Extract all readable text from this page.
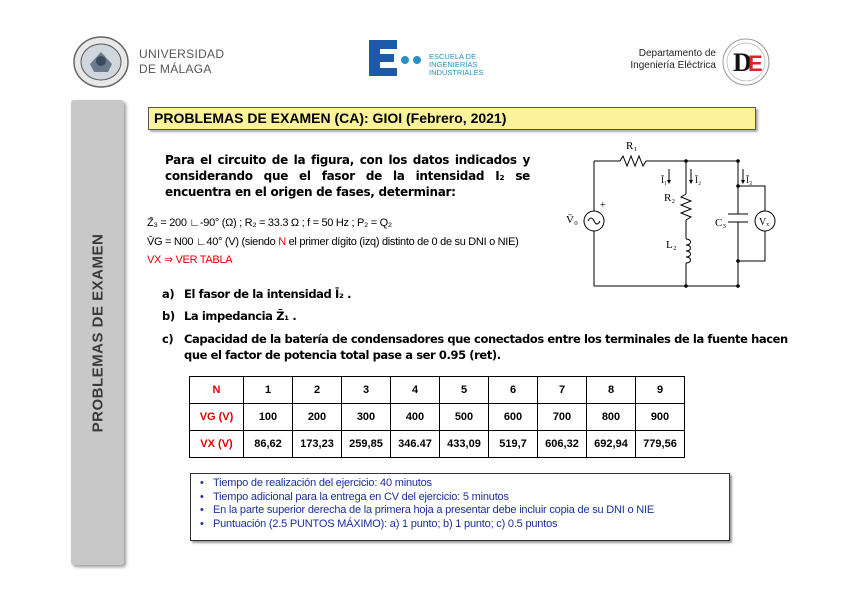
UNIVERSIDAD
DE MÁLAGA
ESCUELA DE
INGENIERÍAS
INDUSTRIALES
Departamento de
Ingeniería Eléctrica D
E
PROBLEMAS DE EXAMEN
PROBLEMAS DE EXAMEN (CA): GIOI (Febrero, 2021)
Para el circuito de la figura, con los datos indicados y considerando que el fasor de la intensidad I₂ se encuentra en el origen de fases, determinar:
Z̄₃ = 200 ∟-90° (Ω) ; R₂ = 33.3 Ω ; f = 50 Hz ; P₂ = Q₂
V̄G = N00 ∟40° (V) (siendo N el primer dígito (izq) distinto de 0 de su DNI o NIE)
VX ⇒ VER TABLA
a) El fasor de la intensidad Ī₂ .
b) La impedancia Z̄₁ .
c) Capacidad de la batería de condensadores que conectados entre los terminales de la fuente hacen
que el factor de potencia total pase a ser 0.95 (ret).
R₁
R₂
L₂
C₃
V̄₀	Vₓ
+
Ī₁	Ī₂	Ī₃
N	1	2	3	4	5	6	7	8	9
VG (V)	100	200	300	400	500	600	700	800	900
VX (V)	86,62	173,23	259,85	346.47	433,09	519,7	606,32	692,94	779,56
• Tiempo de realización del ejercicio: 40 minutos
• Tiempo adicional para la entrega en CV del ejercicio: 5 minutos
• En la parte superior derecha de la primera hoja a presentar debe incluir copia de su DNI o NIE
• Puntuación (2.5 PUNTOS MÁXIMO): a) 1 punto; b) 1 punto; c) 0.5 puntos
